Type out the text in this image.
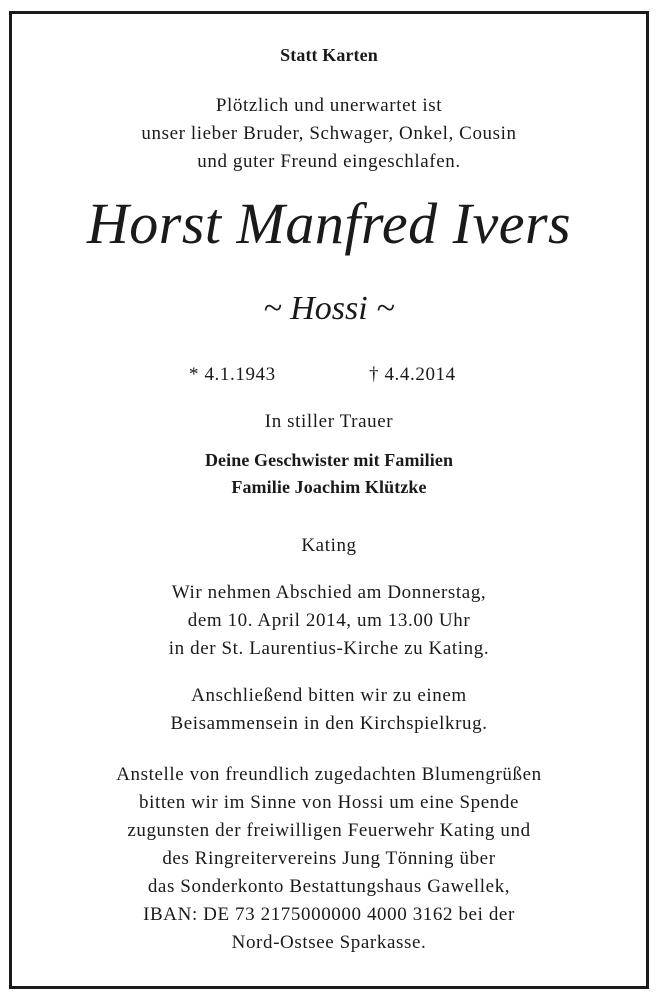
Statt Karten
Plötzlich und unerwartet ist
unser lieber Bruder, Schwager, Onkel, Cousin
und guter Freund eingeschlafen.
Horst Manfred Ivers
~ Hossi ~
* 4.1.1943	† 4.4.2014
In stiller Trauer
Deine Geschwister mit Familien
Familie Joachim Klützke
Kating
Wir nehmen Abschied am Donnerstag,
dem 10. April 2014, um 13.00 Uhr
in der St. Laurentius-Kirche zu Kating.
Anschließend bitten wir zu einem
Beisammensein in den Kirchspielkrug.
Anstelle von freundlich zugedachten Blumengrüßen
bitten wir im Sinne von Hossi um eine Spende
zugunsten der freiwilligen Feuerwehr Kating und
des Ringreitervereins Jung Tönning über
das Sonderkonto Bestattungshaus Gawellek,
IBAN: DE 73 2175000000 4000 3162 bei der
Nord-Ostsee Sparkasse.
